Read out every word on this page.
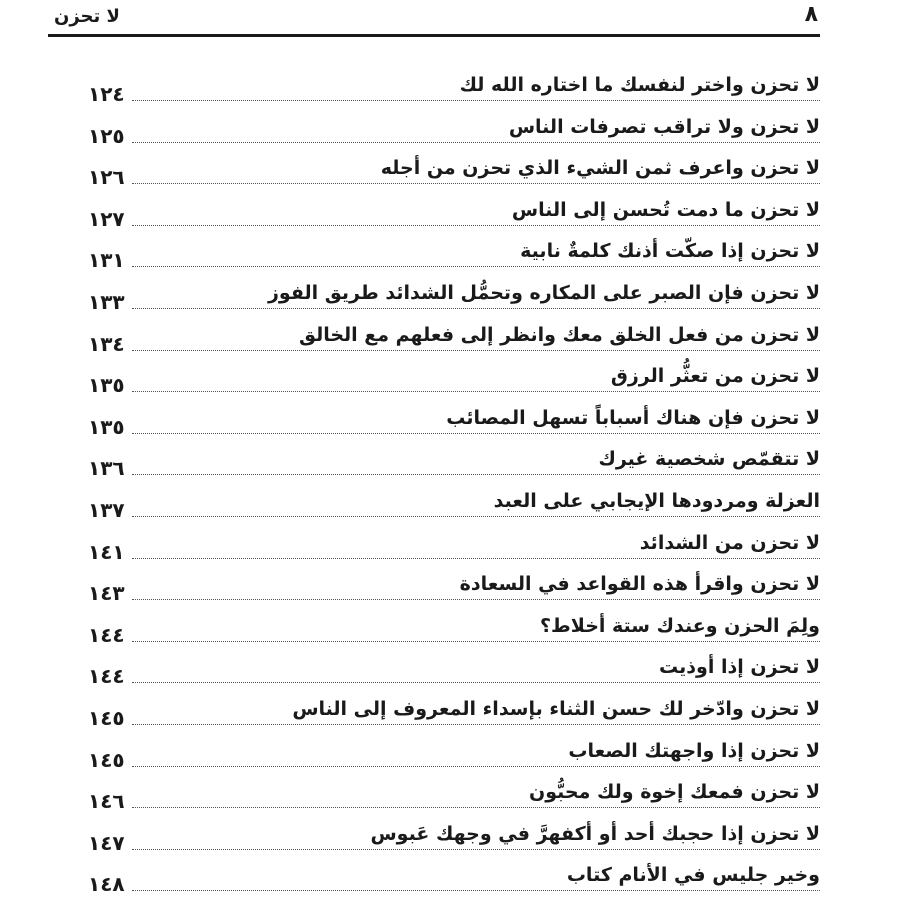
٨
لا تحزن
لا تحزن واختر لنفسك ما اختاره الله لك
١٢٤
لا تحزن ولا تراقب تصرفات الناس
١٢٥
لا تحزن واعرف ثمن الشيء الذي تحزن من أجله
١٢٦
لا تحزن ما دمت تُحسن إلى الناس
١٢٧
لا تحزن إذا صكّت أذنك كلمةٌ نابية
١٣١
لا تحزن فإن الصبر على المكاره وتحمُّل الشدائد طريق الفوز
١٣٣
لا تحزن من فعل الخلق معك وانظر إلى فعلهم مع الخالق
١٣٤
لا تحزن من تعثُّر الرزق
١٣٥
لا تحزن فإن هناك أسباباً تسهل المصائب
١٣٥
لا تتقمّص شخصية غيرك
١٣٦
العزلة ومردودها الإيجابي على العبد
١٣٧
لا تحزن من الشدائد
١٤١
لا تحزن واقرأ هذه القواعد في السعادة
١٤٣
ولِمَ الحزن وعندك ستة أخلاط؟
١٤٤
لا تحزن إذا أوذيت
١٤٤
لا تحزن وادّخر لك حسن الثناء بإسداء المعروف إلى الناس
١٤٥
لا تحزن إذا واجهتك الصعاب
١٤٥
لا تحزن فمعك إخوة ولك محبُّون
١٤٦
لا تحزن إذا حجبك أحد أو أكفهرَّ في وجهك عَبوس
١٤٧
وخير جليس في الأنام كتاب
١٤٨
